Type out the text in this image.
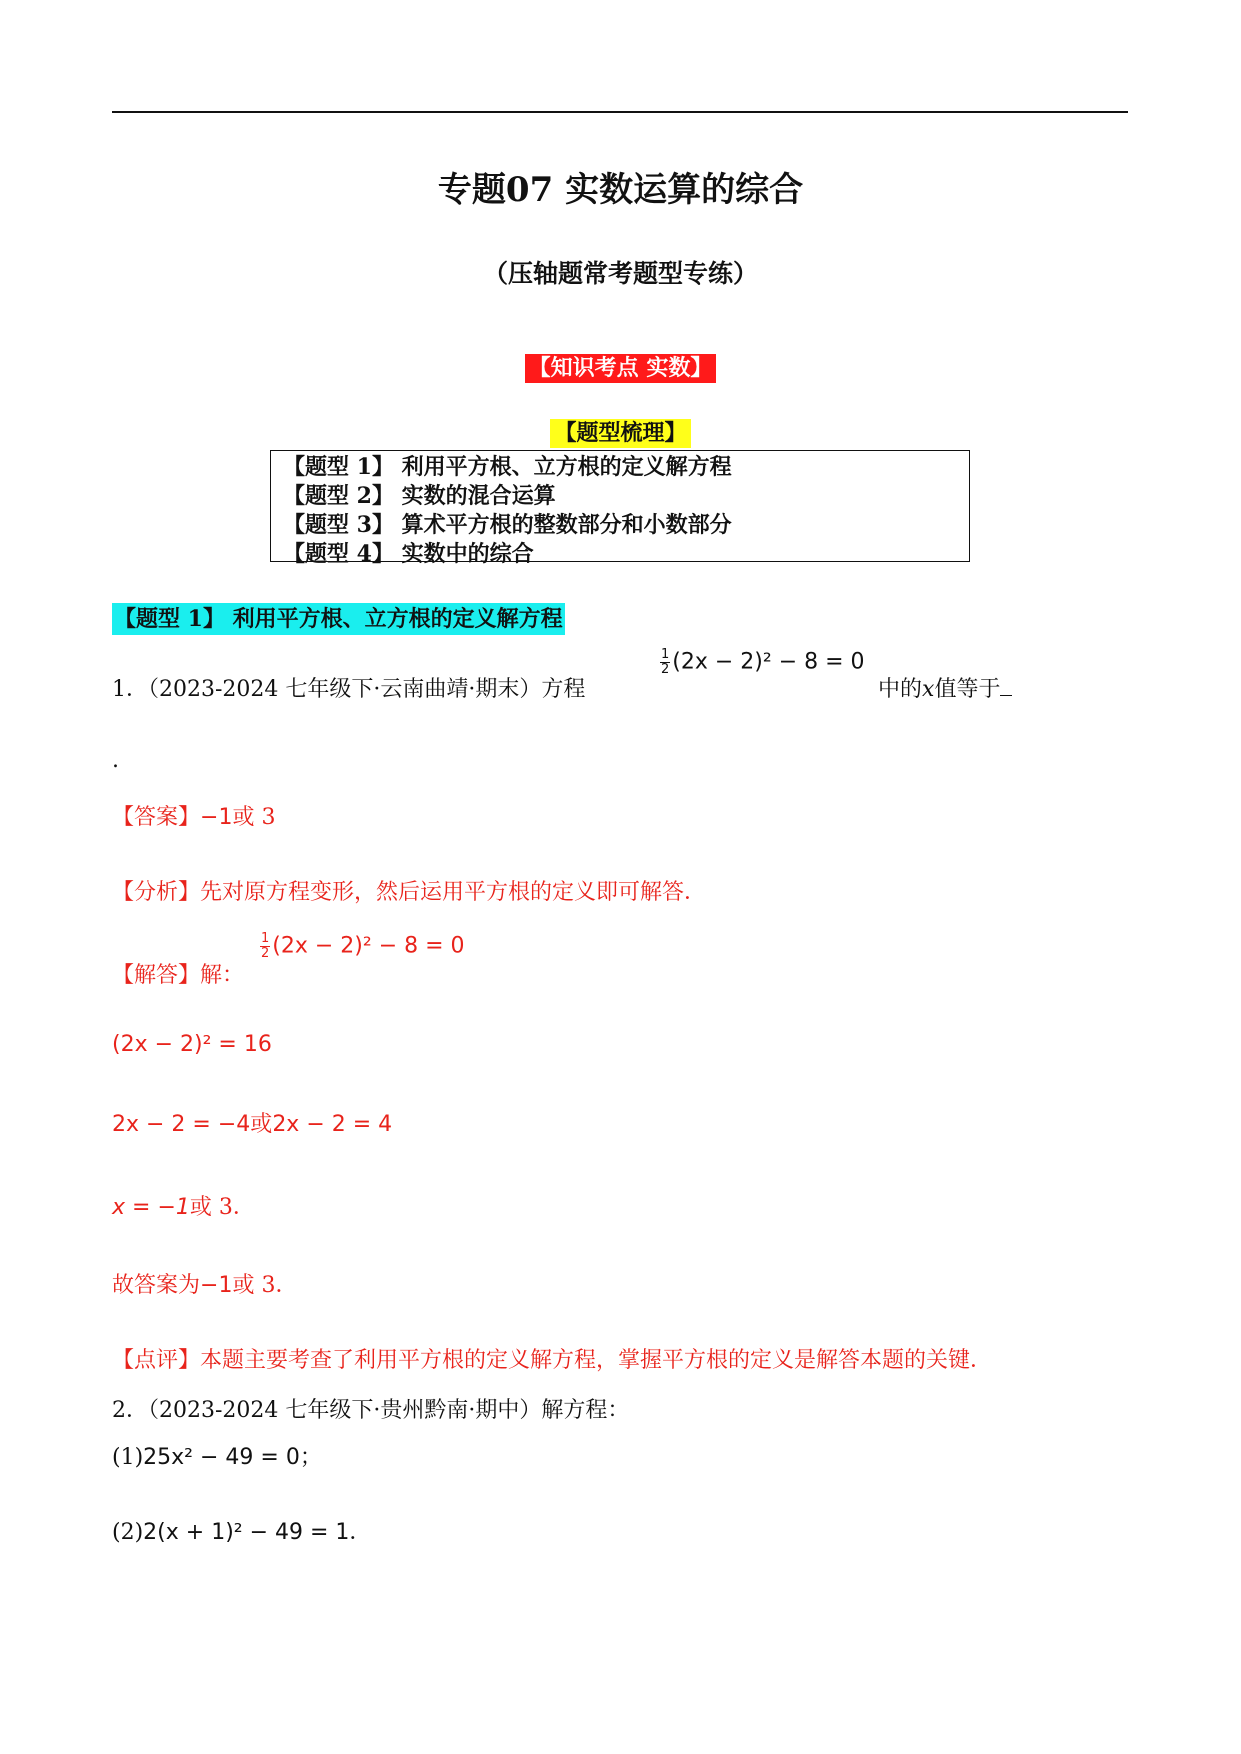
专题07 实数运算的综合
（压轴题常考题型专练）
【知识考点 实数】
【题型梳理】
【题型 1】 利用平方根、立方根的定义解方程
【题型 2】 实数的混合运算
【题型 3】 算术平方根的整数部分和小数部分
【题型 4】 实数中的综合
【题型 1】 利用平方根、立方根的定义解方程
1．（2023-2024 七年级下·云南曲靖·期末）方程
$\frac{1}{2} (2x - 2)^2 - 8 = 0$
中的x值等于
.
【答案】−1或 3
【分析】先对原方程变形，然后运用平方根的定义即可解答．
【解答】解：
$\frac{1}{2} (2x - 2)^2 - 8 = 0$
(2x − 2)² = 16
2x − 2 = −4或2x − 2 = 4
x = −1或 3．
故答案为−1或 3．
【点评】本题主要考查了利用平方根的定义解方程，掌握平方根的定义是解答本题的关键．
2．（2023-2024 七年级下·贵州黔南·期中）解方程：
(1)25x² − 49 = 0；
(2)2(x + 1)² − 49 = 1．
